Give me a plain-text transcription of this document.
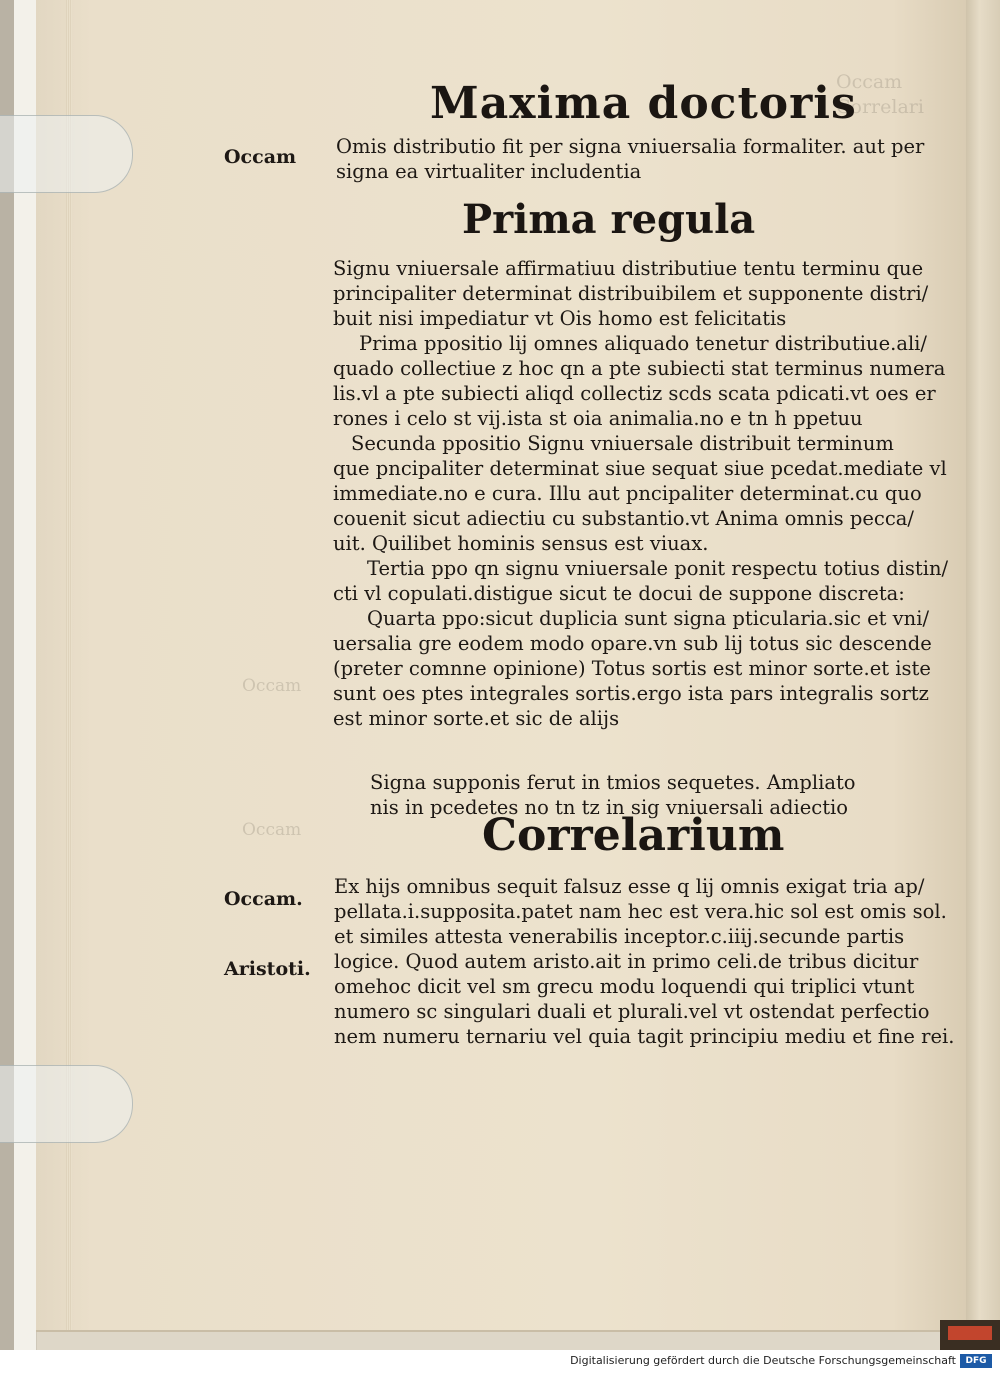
Occam
Correlari
Occam
Occam
Maxima doctoris
Occam Omis distributio fit per signa vniuersalia formaliter. aut per
signa ea virtualiter includentia
Prima regula
Signu vniuersale affirmatiuu distributiue tentu terminu que
principaliter determinat distribuibilem et supponente distri/
buit nisi impediatur vt Ois homo est felicitatis
Prima ppositio lij omnes aliquado tenetur distributiue.ali/
quado collectiue z hoc qn a pte subiecti stat terminus numera
lis.vl a pte subiecti aliqd collectiz scds scata pdicati.vt oes er
rones i celo st vij.ista st oia animalia.no e tn h ppetuu
Secunda ppositio Signu vniuersale distribuit terminum
que pncipaliter determinat siue sequat siue pcedat.mediate vl
immediate.no e cura. Illu aut pncipaliter determinat.cu quo
couenit sicut adiectiu cu substantio.vt Anima omnis pecca/
uit. Quilibet hominis sensus est viuax.
Tertia ppo qn signu vniuersale ponit respectu totius distin/
cti vl copulati.distigue sicut te docui de suppone discreta:
Quarta ppo:sicut duplicia sunt signa pticularia.sic et vni/
uersalia gre eodem modo opare.vn sub lij totus sic descende
(preter comnne opinione) Totus sortis est minor sorte.et iste
sunt oes ptes integrales sortis.ergo ista pars integralis sortz
est minor sorte.et sic de alijs
Signa supponis ferut in tmios sequetes. Ampliato
nis in pcedetes no tn tz in sig vniuersali adiectio
Correlarium
Occam.
Aristoti.
Ex hijs omnibus sequit falsuz esse q lij omnis exigat tria ap/
pellata.i.supposita.patet nam hec est vera.hic sol est omis sol.
et similes attesta venerabilis inceptor.c.iiij.secunde partis
logice. Quod autem aristo.ait in primo celi.de tribus dicitur
omehoc dicit vel sm grecu modu loquendi qui triplici vtunt
numero sc singulari duali et plurali.vel vt ostendat perfectio
nem numeru ternariu vel quia tagit principiu mediu et fine rei.
Digitalisierung gefördert durch die Deutsche Forschungsgemeinschaft	DFG
